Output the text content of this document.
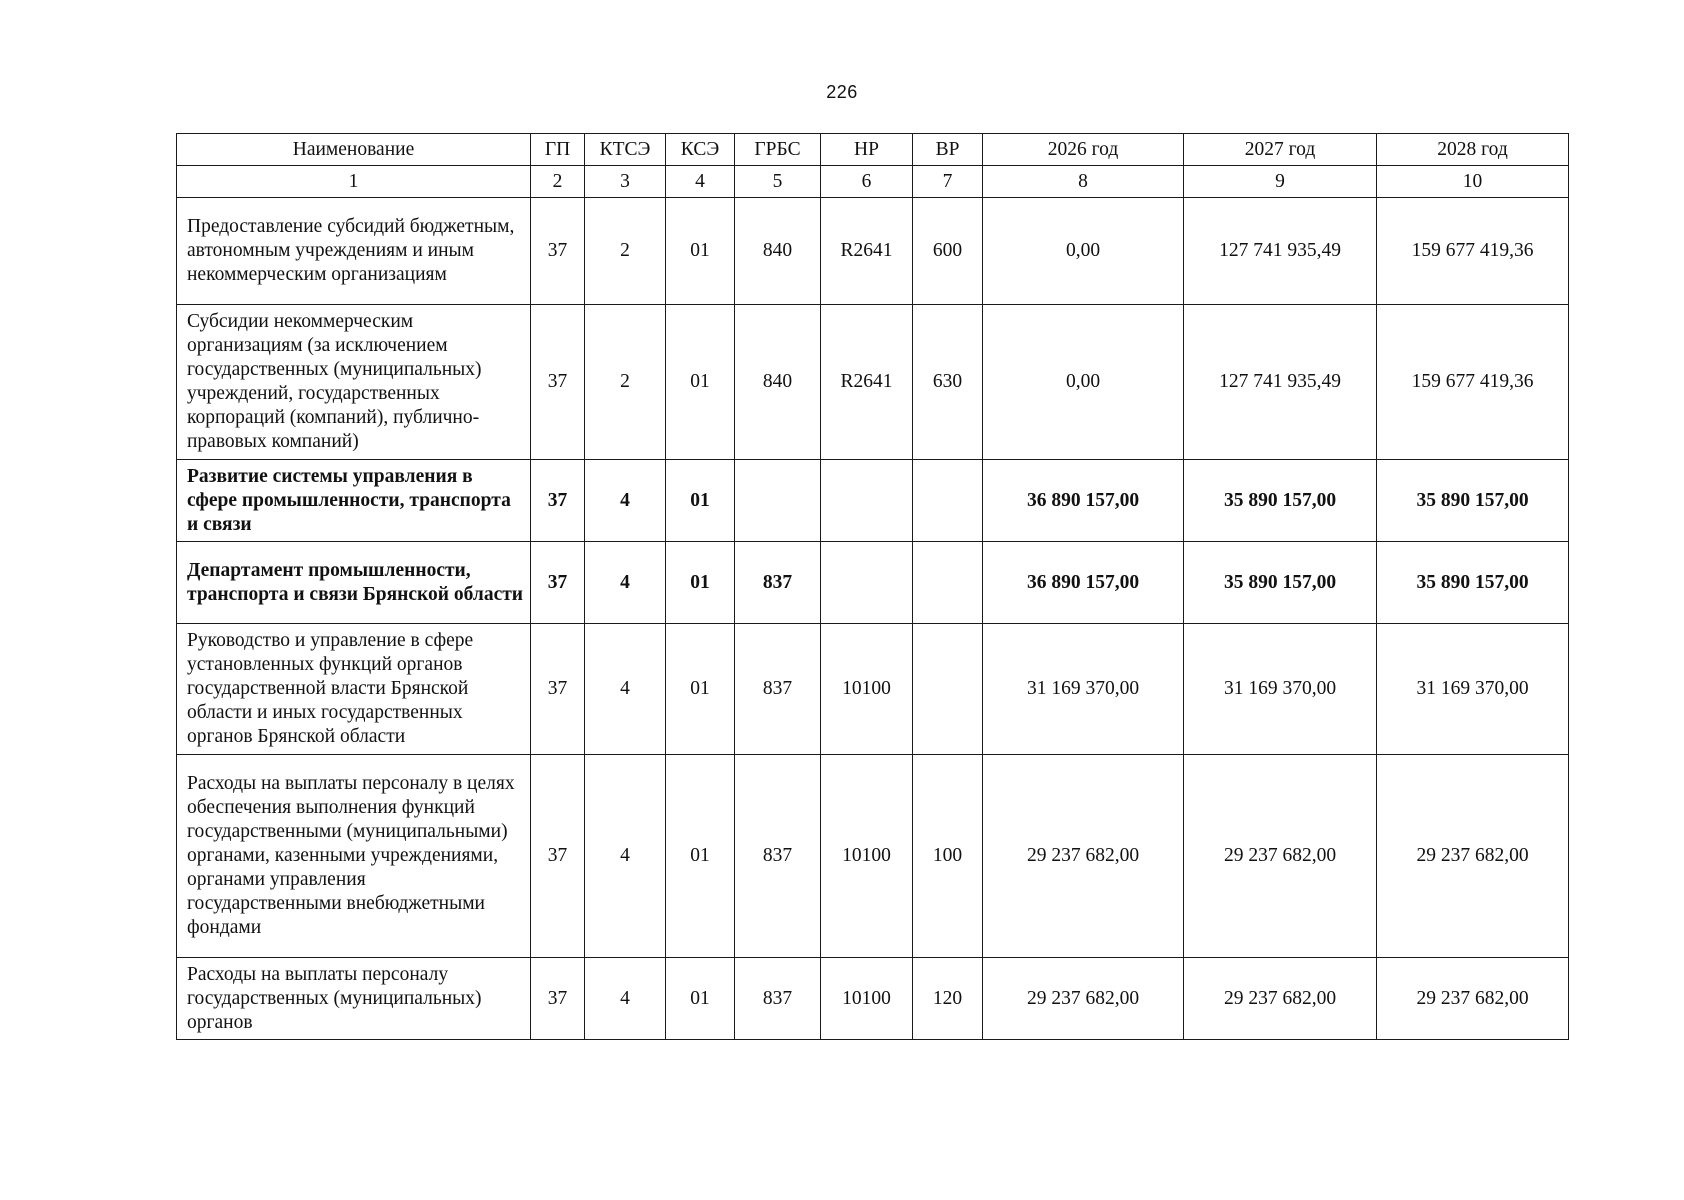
226
Наименование	ГП	КТСЭ	КСЭ	ГРБС	НР	ВР	2026 год	2027 год	2028 год
1	2	3	4	5	6	7	8	9	10
Предоставление субсидий бюджетным, автономным учреждениям и иным некоммерческим организациям	37	2	01	840	R2641	600	0,00	127 741 935,49	159 677 419,36
Субсидии некоммерческим организациям (за исключением государственных (муниципальных) учреждений, государственных корпораций (компаний), публично-правовых компаний)	37	2	01	840	R2641	630	0,00	127 741 935,49	159 677 419,36
Развитие системы управления в сфере промышленности, транспорта и связи	37	4	01				36 890 157,00	35 890 157,00	35 890 157,00
Департамент промышленности, транспорта и связи Брянской области	37	4	01	837			36 890 157,00	35 890 157,00	35 890 157,00
Руководство и управление в сфере установленных функций органов государственной власти Брянской области и иных государственных органов Брянской области	37	4	01	837	10100		31 169 370,00	31 169 370,00	31 169 370,00
Расходы на выплаты персоналу в целях обеспечения выполнения функций государственными (муниципальными) органами, казенными учреждениями, органами управления государственными внебюджетными фондами	37	4	01	837	10100	100	29 237 682,00	29 237 682,00	29 237 682,00
Расходы на выплаты персоналу государственных (муниципальных) органов	37	4	01	837	10100	120	29 237 682,00	29 237 682,00	29 237 682,00
